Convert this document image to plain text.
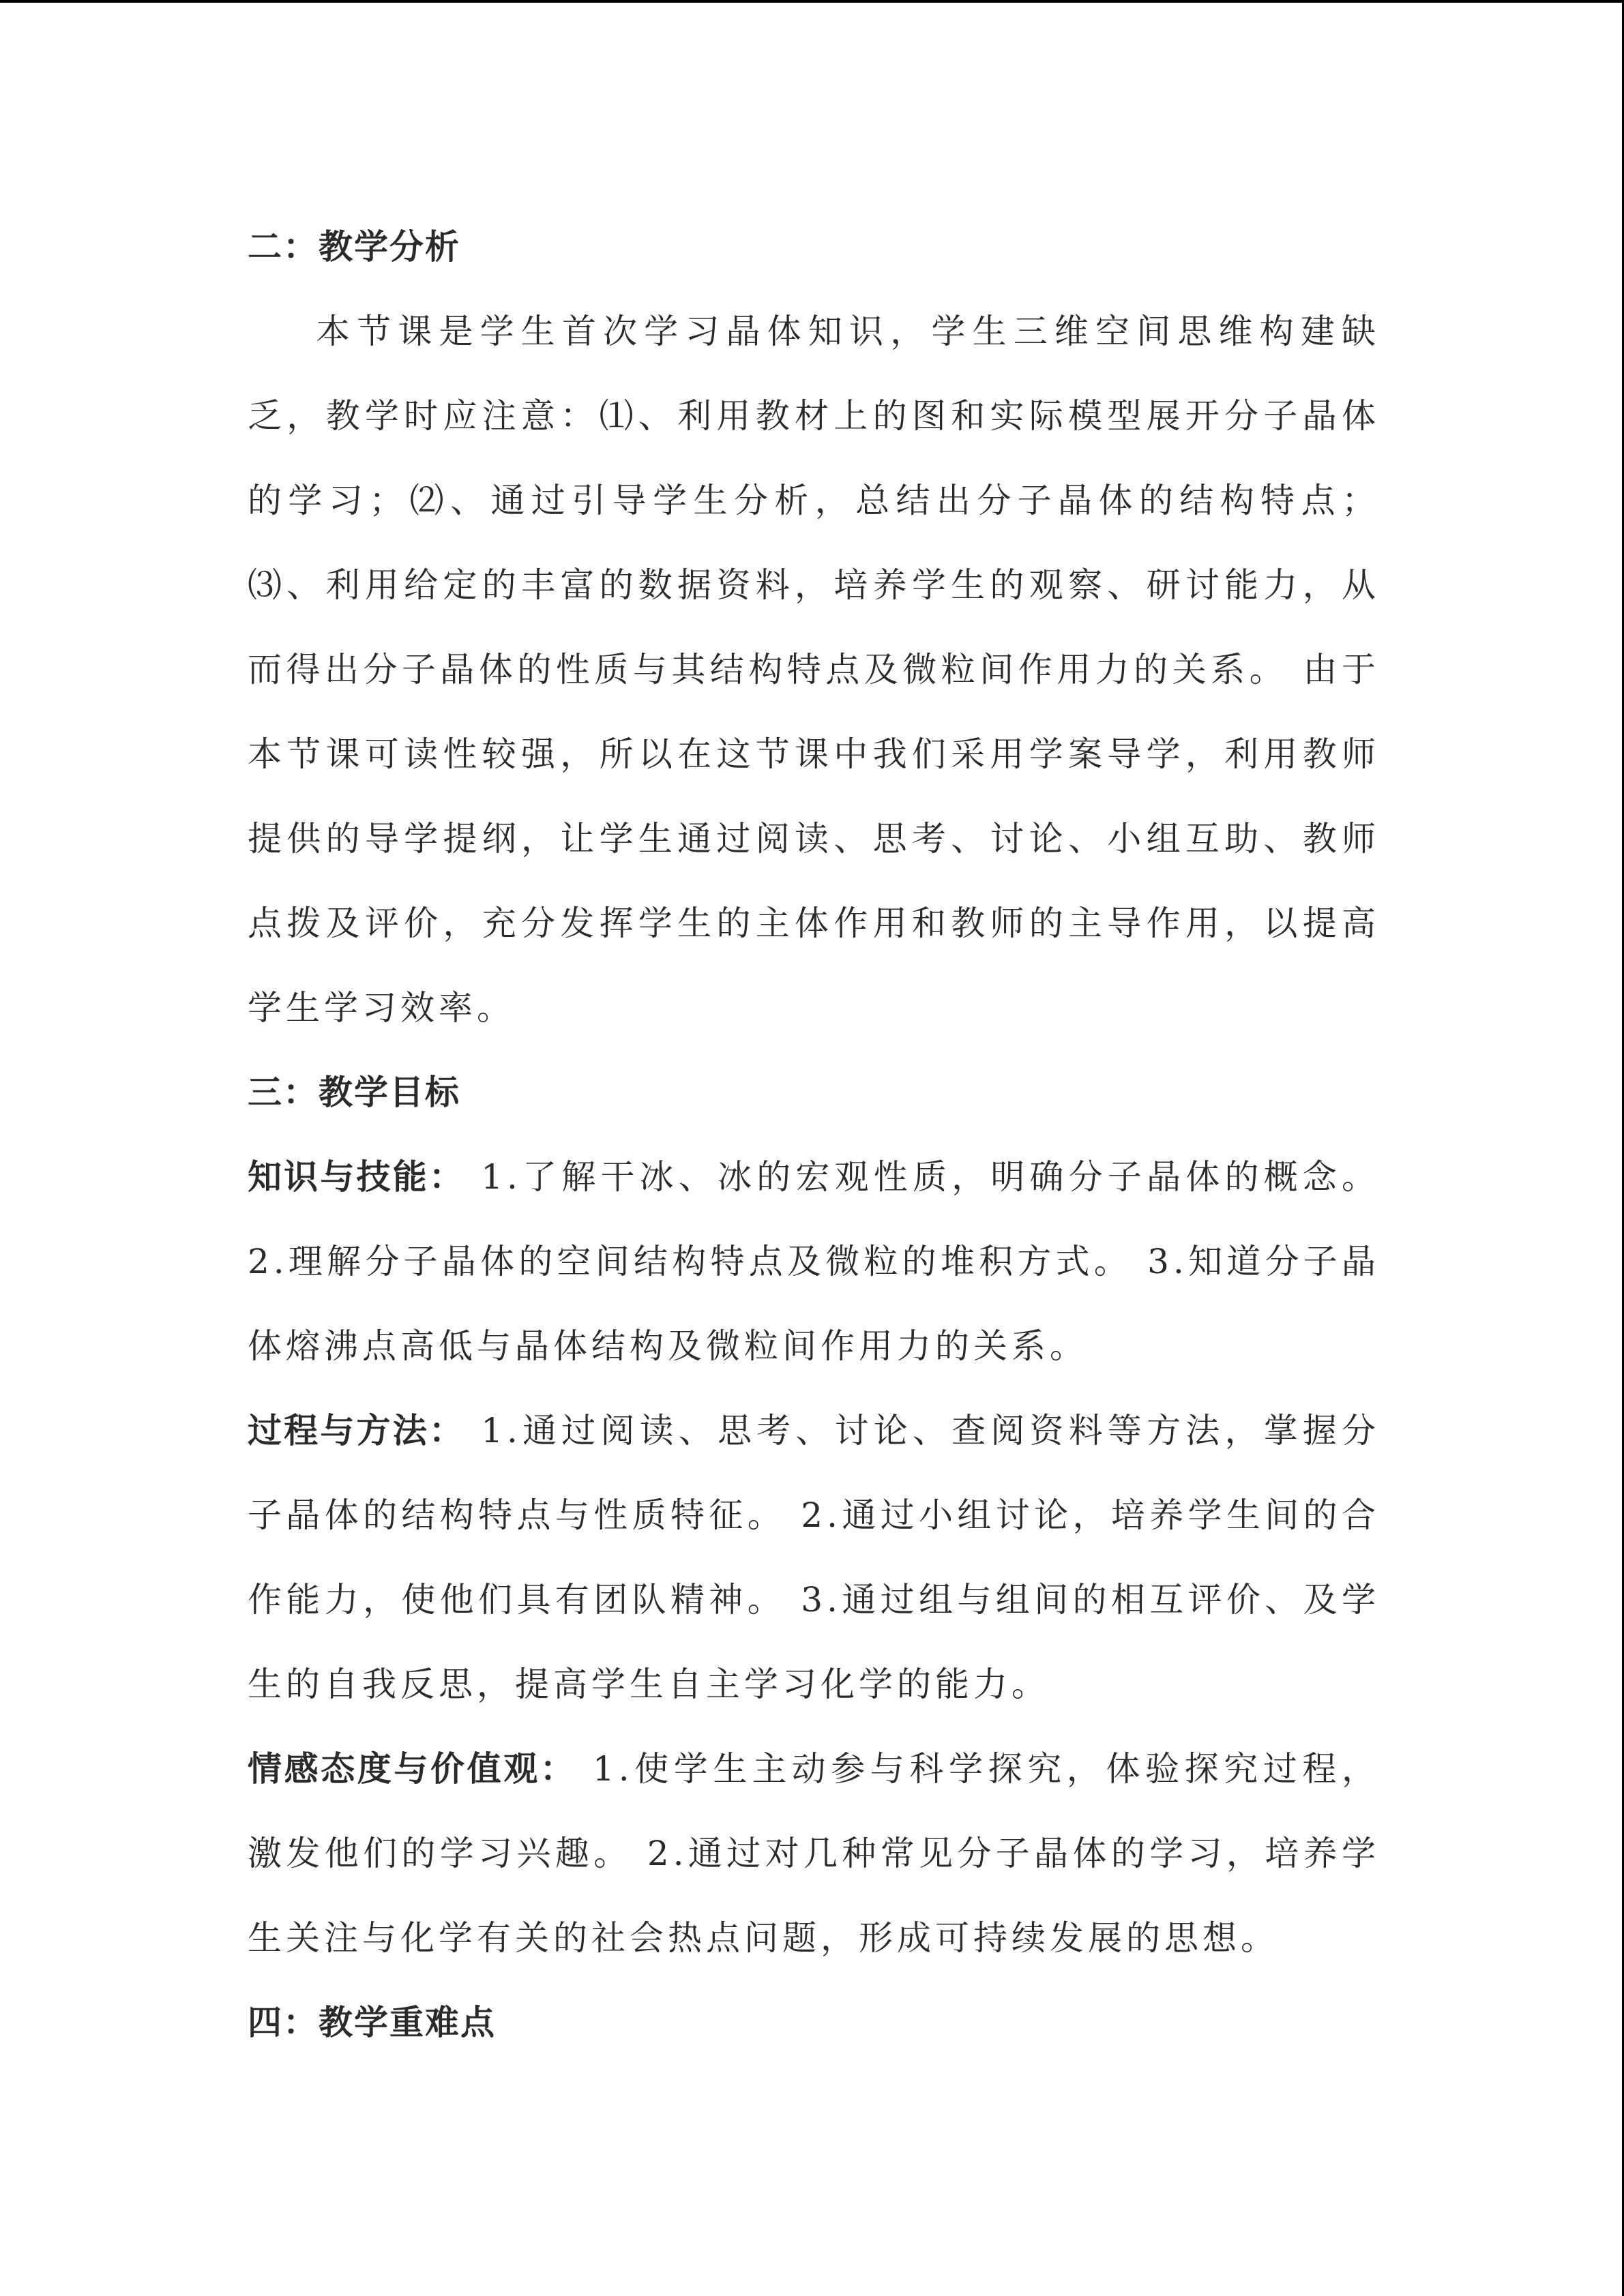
二：教学分析

本节课是学生首次学习晶体知识，学生三维空间思维构建缺乏，教学时应注意：⑴、利用教材上的图和实际模型展开分子晶体的学习；⑵、通过引导学生分析，总结出分子晶体的结构特点；⑶、利用给定的丰富的数据资料，培养学生的观察、研讨能力，从而得出分子晶体的性质与其结构特点及微粒间作用力的关系。 由于本节课可读性较强，所以在这节课中我们采用学案导学，利用教师提供的导学提纲，让学生通过阅读、思考、讨论、小组互助、教师点拨及评价，充分发挥学生的主体作用和教师的主导作用，以提高学生学习效率。

三：教学目标

知识与技能： 1.了解干冰、冰的宏观性质，明确分子晶体的概念。 2.理解分子晶体的空间结构特点及微粒的堆积方式。 3.知道分子晶体熔沸点高低与晶体结构及微粒间作用力的关系。

过程与方法： 1.通过阅读、思考、讨论、查阅资料等方法，掌握分子晶体的结构特点与性质特征。 2.通过小组讨论，培养学生间的合作能力，使他们具有团队精神。 3.通过组与组间的相互评价、及学生的自我反思，提高学生自主学习化学的能力。

情感态度与价值观： 1.使学生主动参与科学探究，体验探究过程，激发他们的学习兴趣。 2.通过对几种常见分子晶体的学习，培养学生关注与化学有关的社会热点问题，形成可持续发展的思想。

四：教学重难点
